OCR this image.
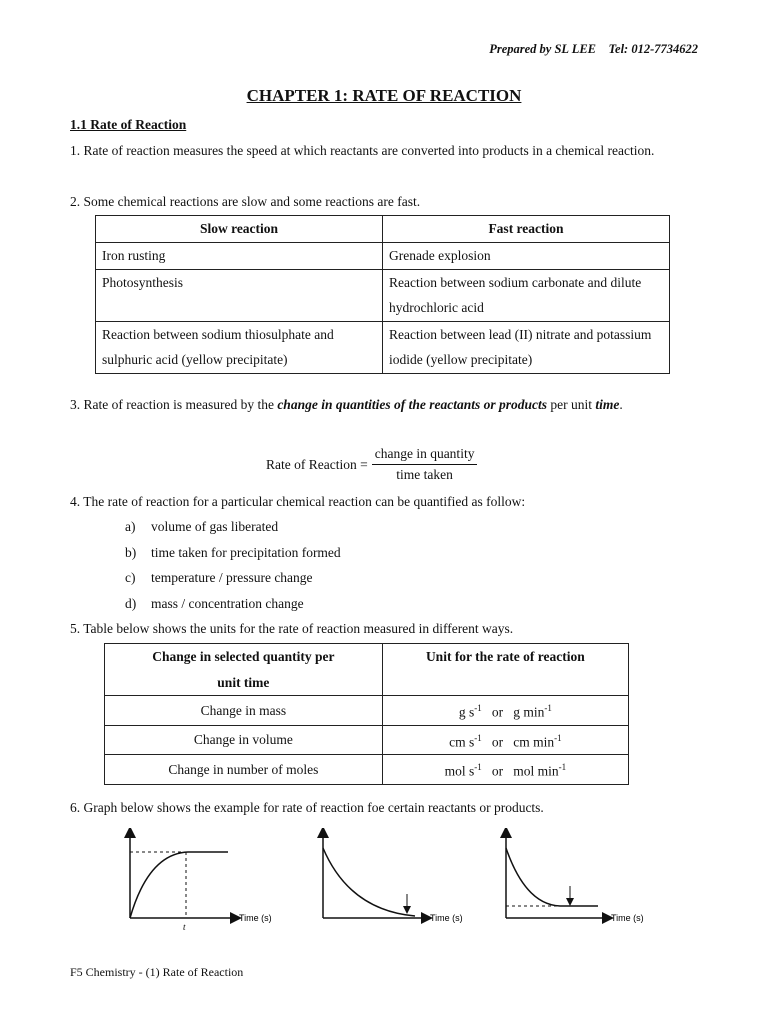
Prepared by SL LEE Tel: 012-7734622
CHAPTER 1: RATE OF REACTION
1.1 Rate of Reaction
1. Rate of reaction measures the speed at which reactants are converted into products in a chemical reaction.
2. Some chemical reactions are slow and some reactions are fast.
Slow reaction	Fast reaction
Iron rusting	Grenade explosion
Photosynthesis	Reaction between sodium carbonate and dilute hydrochloric acid
Reaction between sodium thiosulphate and sulphuric acid (yellow precipitate)	Reaction between lead (II) nitrate and potassium iodide (yellow precipitate)
3. Rate of reaction is measured by the change in quantities of the reactants or products per unit time.
Rate of Reaction = $\frac{\text{change in quantity}}{\text{time taken}}$
4. The rate of reaction for a particular chemical reaction can be quantified as follow:
a)	volume of gas liberated
b)	time taken for precipitation formed
c)	temperature / pressure change
d)	mass / concentration change
5. Table below shows the units for the rate of reaction measured in different ways.
Change in selected quantity per unit time	Unit for the rate of reaction
Change in mass	g $s^{-1}$ or g $\min^{-1}$
Change in volume	cm $s^{-1}$ or cm $\min^{-1}$
Change in number of moles	mol $s^{-1}$ or mol $\min^{-1}$
6. Graph below shows the example for rate of reaction foe certain reactants or products.
Time (s)
t
Time (s)	Time (s)
F5 Chemistry - (1) Rate of Reaction
